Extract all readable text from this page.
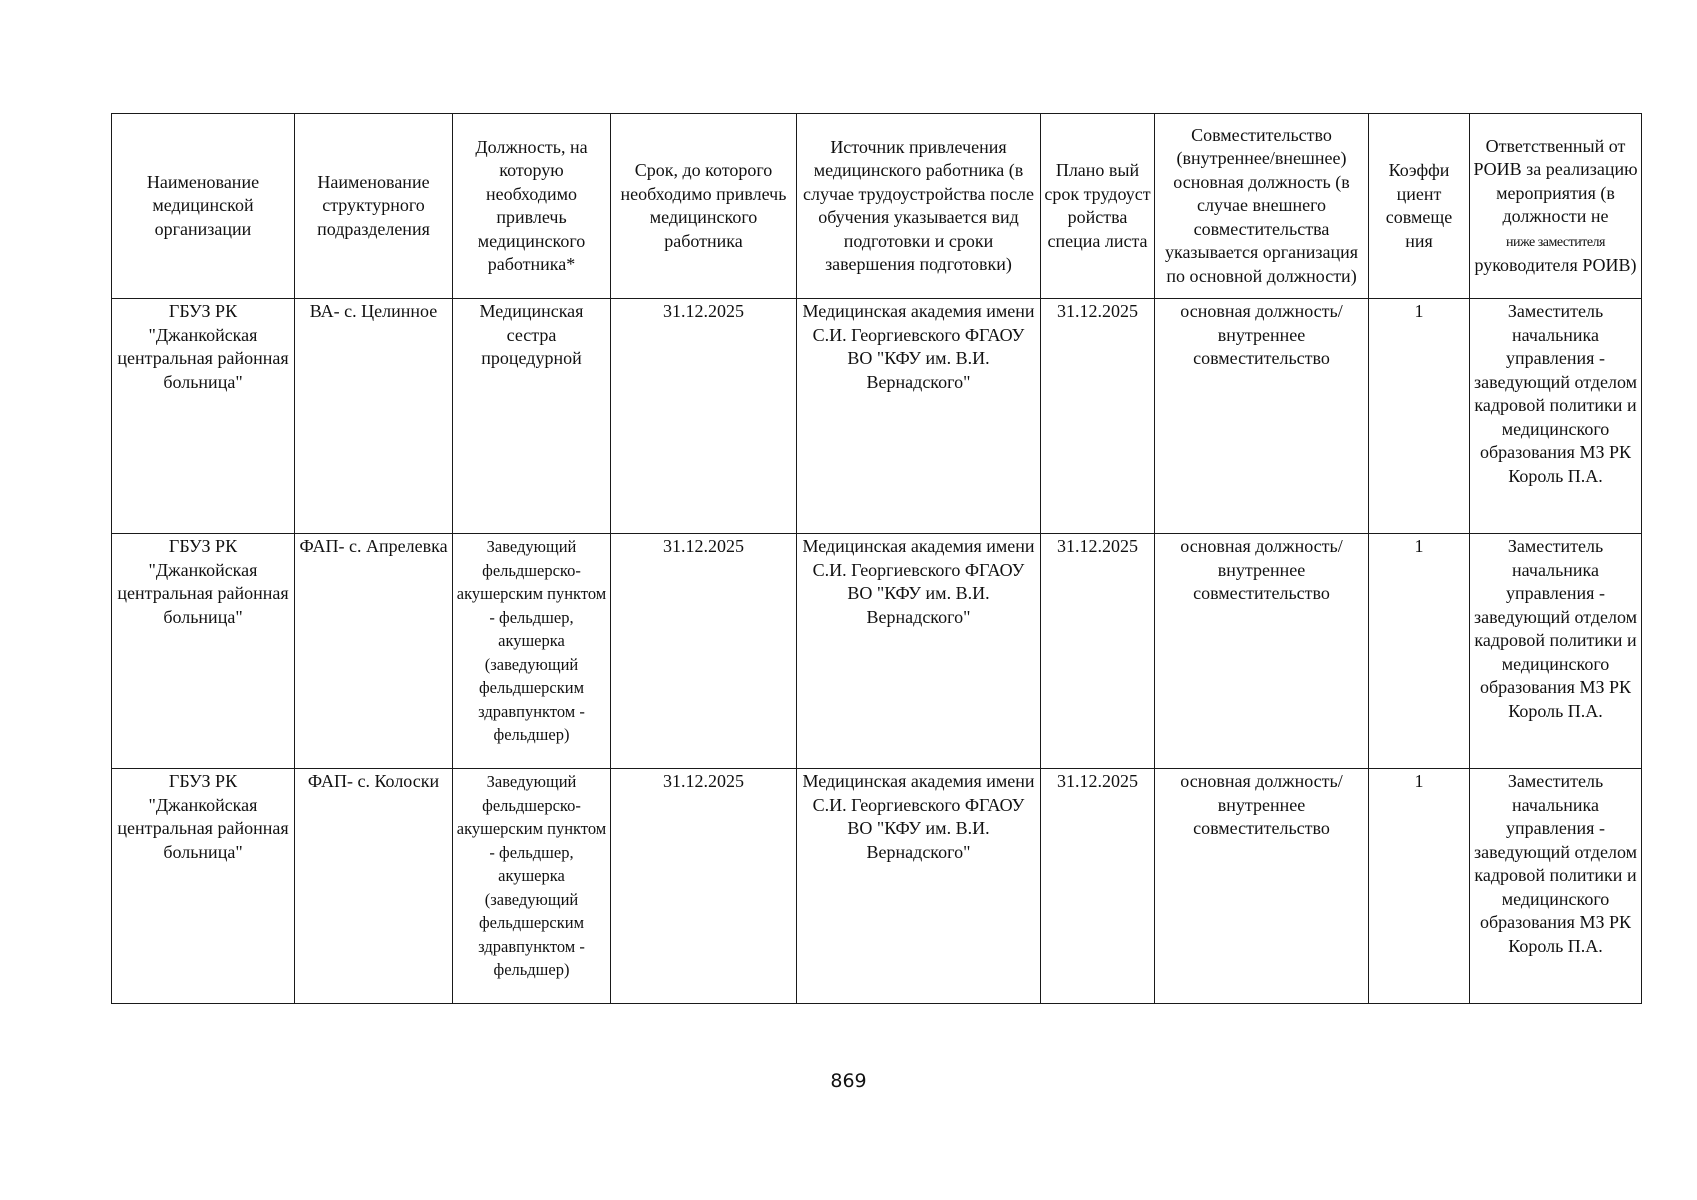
Наименование медицинской организации	Наименование структурного подразделения	Должность, на которую необходимо привлечь медицинского работника*	Срок, до которого необходимо привлечь медицинского работника	Источник привлечения медицинского работника (в случае трудоустройства после обучения указывается вид подготовки и сроки завершения подготовки)	Плано вый срок трудоуст ройства специа листа	Совместительство (внутреннее/внешнее) основная должность (в случае внешнего совместительства указывается организация по основной должности)	Коэффи циент совмеще ния	Ответственный от РОИВ за реализацию мероприятия (в должности не
ниже заместителя
руководителя РОИВ)
ГБУЗ РК "Джанкойская центральная районная больница"	ВА- с. Целинное	Медицинская сестра процедурной	31.12.2025	Медицинская академия имени С.И. Георгиевского ФГАОУ ВО "КФУ им. В.И. Вернадского"	31.12.2025	основная должность/ внутреннее совместительство	1	Заместитель начальника управления - заведующий отделом кадровой политики и медицинского образования МЗ РК Король П.А.
ГБУЗ РК "Джанкойская центральная районная больница"	ФАП- с. Апрелевка	Заведующий фельдшерско-акушерским пунктом - фельдшер, акушерка (заведующий фельдшерским здравпунктом - фельдшер)	31.12.2025	Медицинская академия имени С.И. Георгиевского ФГАОУ ВО "КФУ им. В.И. Вернадского"	31.12.2025	основная должность/ внутреннее совместительство	1	Заместитель начальника управления - заведующий отделом кадровой политики и медицинского образования МЗ РК Король П.А.
ГБУЗ РК "Джанкойская центральная районная больница"	ФАП- с. Колоски	Заведующий фельдшерско-акушерским пунктом - фельдшер, акушерка (заведующий фельдшерским здравпунктом - фельдшер)	31.12.2025	Медицинская академия имени С.И. Георгиевского ФГАОУ ВО "КФУ им. В.И. Вернадского"	31.12.2025	основная должность/ внутреннее совместительство	1	Заместитель начальника управления - заведующий отделом кадровой политики и медицинского образования МЗ РК Король П.А.
869
